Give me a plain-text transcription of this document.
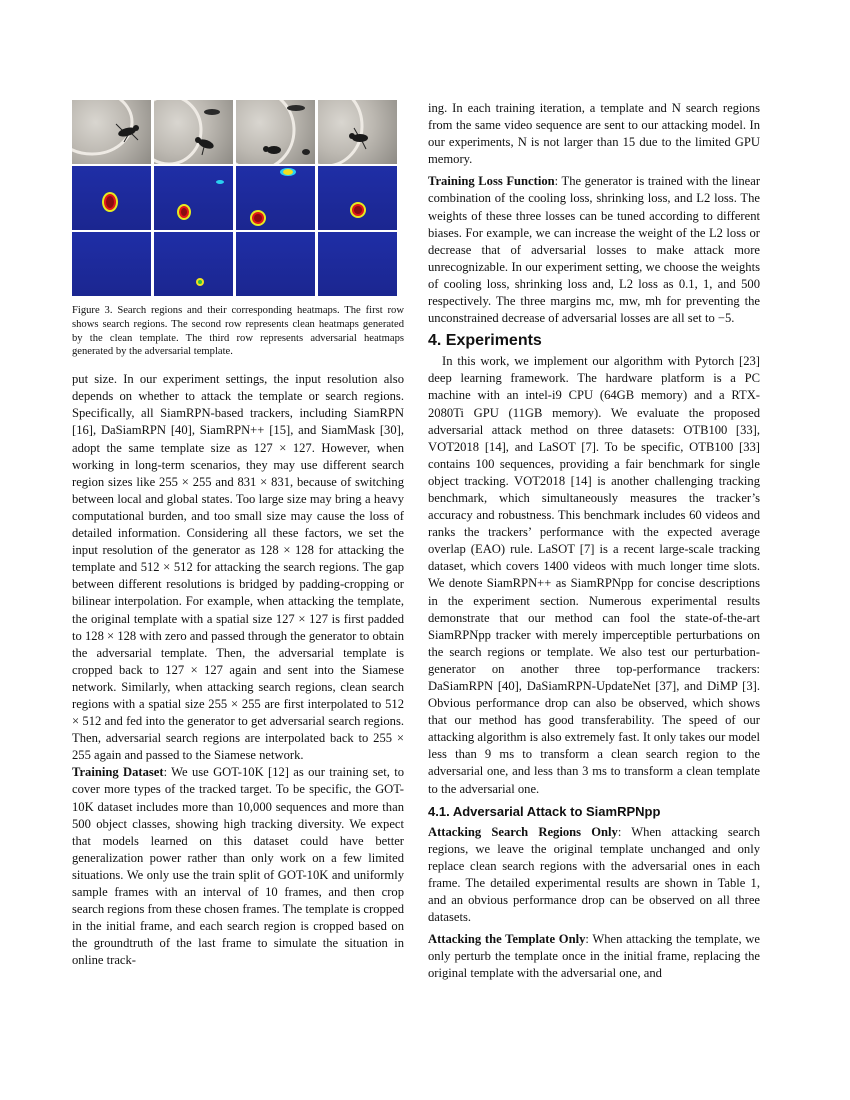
Figure 3. Search regions and their corresponding heatmaps. The first row shows search regions. The second row represents clean heatmaps generated by the clean template. The third row represents adversarial heatmaps generated by the adversarial template.

put size. In our experiment settings, the input resolution also depends on whether to attack the template or search regions. Specifically, all SiamRPN-based trackers, including SiamRPN [16], DaSiamRPN [40], SiamRPN++ [15], and SiamMask [30], adopt the same template size as 127 × 127. However, when working in long-term scenarios, they may use different search region sizes like 255 × 255 and 831 × 831, because of switching between local and global states. Too large size may bring a heavy computational burden, and too small size may cause the loss of detailed information. Considering all these factors, we set the input resolution of the generator as 128 × 128 for attacking the template and 512 × 512 for attacking the search regions. The gap between different resolutions is bridged by padding-cropping or bilinear interpolation. For example, when attacking the template, the original template with a spatial size 127 × 127 is first padded to 128 × 128 with zero and passed through the generator to obtain the adversarial template. Then, the adversarial template is cropped back to 127 × 127 again and sent into the Siamese network. Similarly, when attacking search regions, clean search regions with a spatial size 255 × 255 are first interpolated to 512 × 512 and fed into the generator to get adversarial search regions. Then, adversarial search regions are interpolated back to 255 × 255 again and passed to the Siamese network.

Training Dataset: We use GOT-10K [12] as our training set, to cover more types of the tracked target. To be specific, the GOT-10K dataset includes more than 10,000 sequences and more than 500 object classes, showing high tracking diversity. We expect that models learned on this dataset could have better generalization power rather than only work on a few limited situations. We only use the train split of GOT-10K and uniformly sample frames with an interval of 10 frames, and then crop search regions from these chosen frames. The template is cropped in the initial frame, and each search region is cropped based on the groundtruth of the last frame to simulate the situation in online track-

ing. In each training iteration, a template and N search regions from the same video sequence are sent to our attacking model. In our experiments, N is not larger than 15 due to the limited GPU memory.

Training Loss Function: The generator is trained with the linear combination of the cooling loss, shrinking loss, and L2 loss. The weights of these three losses can be tuned according to different biases. For example, we can increase the weight of the L2 loss or decrease that of adversarial losses to make attack more unrecognizable. In our experiment setting, we choose the weights of cooling loss, shrinking loss and, L2 loss as 0.1, 1, and 500 respectively. The three margins mc, mw, mh for preventing the unconstrained decrease of adversarial losses are all set to −5.

4. Experiments

In this work, we implement our algorithm with Pytorch [23] deep learning framework. The hardware platform is a PC machine with an intel-i9 CPU (64GB memory) and a RTX-2080Ti GPU (11GB memory). We evaluate the proposed adversarial attack method on three datasets: OTB100 [33], VOT2018 [14], and LaSOT [7]. To be specific, OTB100 [33] contains 100 sequences, providing a fair benchmark for single object tracking. VOT2018 [14] is another challenging tracking benchmark, which simultaneously measures the tracker’s accuracy and robustness. This benchmark includes 60 videos and ranks the trackers’ performance with the expected average overlap (EAO) rule. LaSOT [7] is a recent large-scale tracking dataset, which covers 1400 videos with much longer time slots. We denote SiamRPN++ as SiamRPNpp for concise descriptions in the experiment section. Numerous experimental results demonstrate that our method can fool the state-of-the-art SiamRPNpp tracker with merely imperceptible perturbations on the search regions or template. We also test our perturbation-generator on another three top-performance trackers: DaSiamRPN [40], DaSiamRPN-UpdateNet [37], and DiMP [3]. Obvious performance drop can also be observed, which shows that our method has good transferability. The speed of our attacking algorithm is also extremely fast. It only takes our model less than 9 ms to transform a clean search region to the adversarial one, and less than 3 ms to transform a clean template to the adversarial one.

4.1. Adversarial Attack to SiamRPNpp

Attacking Search Regions Only: When attacking search regions, we leave the original template unchanged and only replace clean search regions with the adversarial ones in each frame. The detailed experimental results are shown in Table 1, and an obvious performance drop can be observed on all three datasets.

Attacking the Template Only: When attacking the template, we only perturb the template once in the initial frame, replacing the original template with the adversarial one, and
